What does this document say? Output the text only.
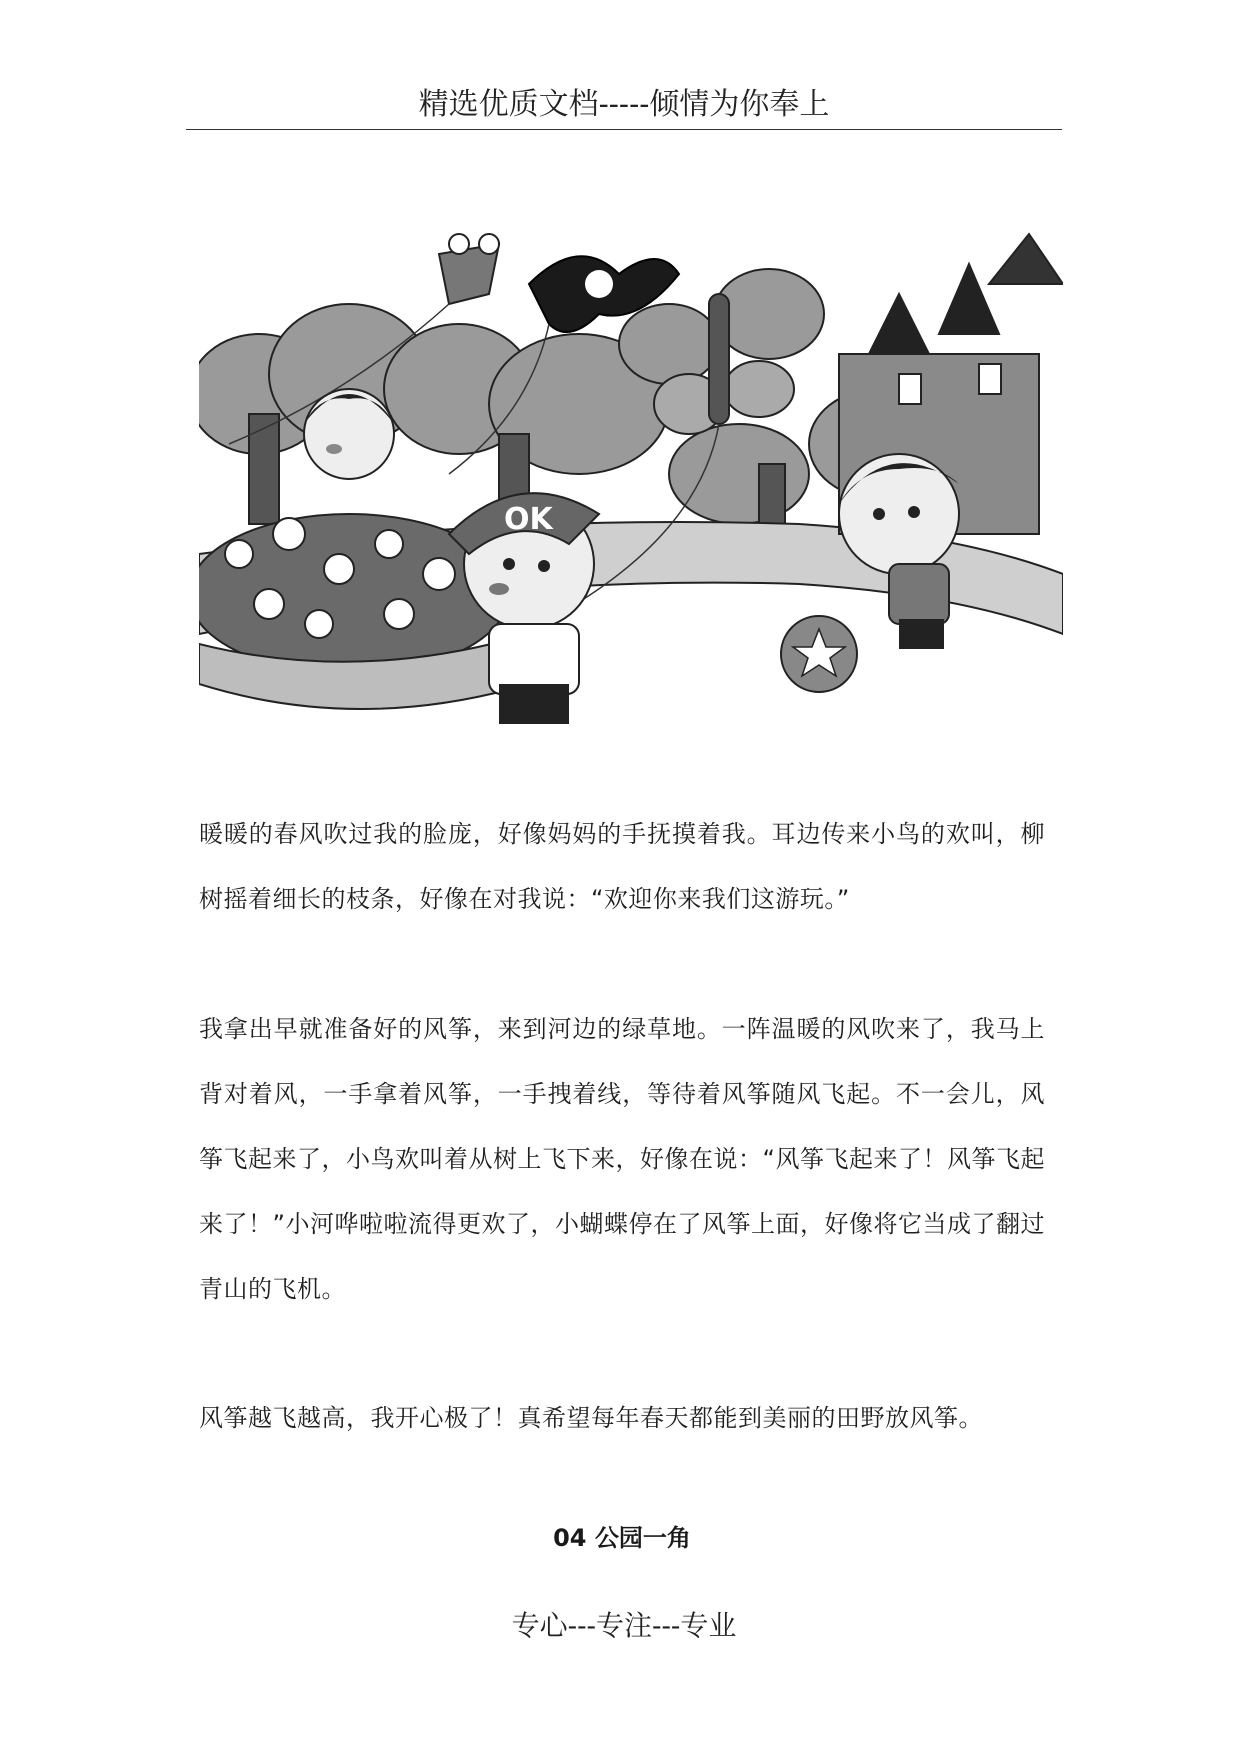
精选优质文档-----倾情为你奉上
OK

暖暖的春风吹过我的脸庞，好像妈妈的手抚摸着我。耳边传来小鸟的欢叫，柳树摇着细长的枝条，好像在对我说：“欢迎你来我们这游玩。”

我拿出早就准备好的风筝，来到河边的绿草地。一阵温暖的风吹来了，我马上背对着风，一手拿着风筝，一手拽着线，等待着风筝随风飞起。不一会儿，风筝飞起来了，小鸟欢叫着从树上飞下来，好像在说：“风筝飞起来了！风筝飞起来了！”小河哗啦啦流得更欢了，小蝴蝶停在了风筝上面，好像将它当成了翻过青山的飞机。

风筝越飞越高，我开心极了！真希望每年春天都能到美丽的田野放风筝。

04 公园一角
专心---专注---专业
